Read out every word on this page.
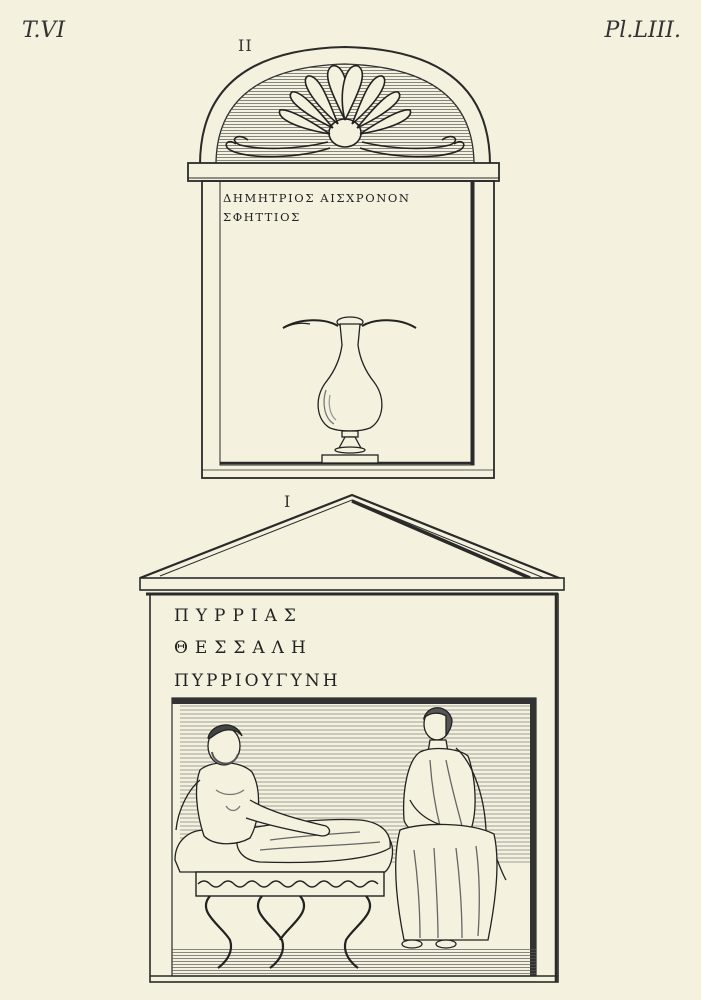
T.VI	Pl.LIII.
II
I
ΔΗΜΗΤΡΙΟΣ ΑΙΣΧΡΟΝΟΝ
ΣΦΗΤΤΙΟΣ
ΠΥΡΡΙΑΣ
ΘΕΣΣΑΛΗ
ΠΥΡΡΙΟΥΓΥΝΗ
